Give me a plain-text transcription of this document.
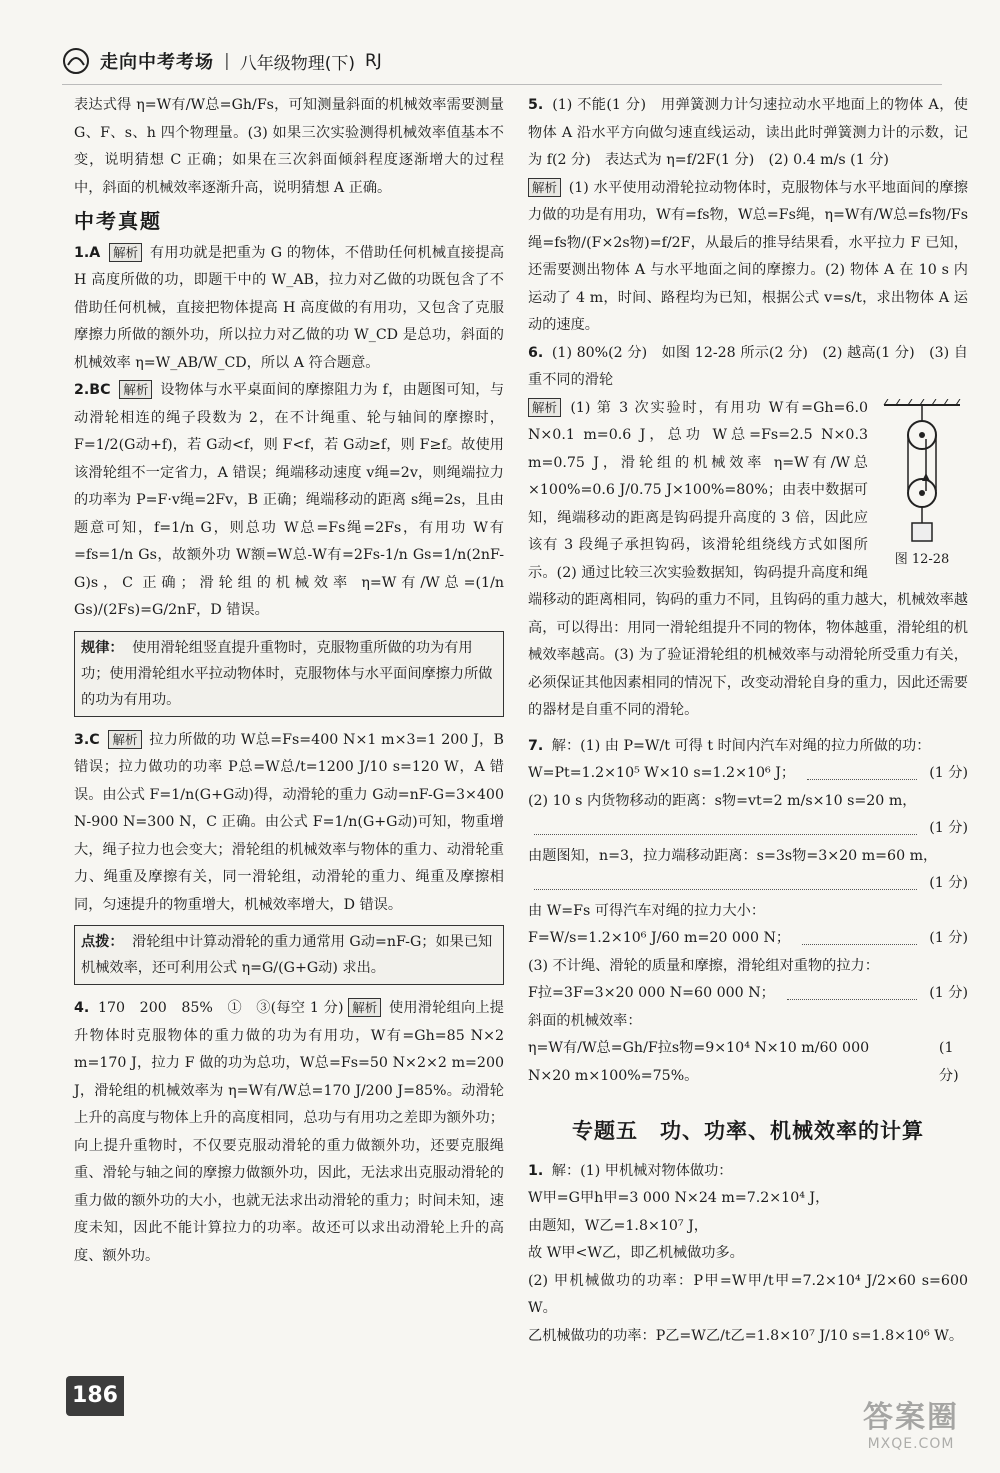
走向中考考场 | 八年级物理(下) RJ

表达式得 η=W有/W总=Gh/Fs，可知测量斜面的机械效率需要测量 G、F、s、h 四个物理量。(3) 如果三次实验测得机械效率值基本不变，说明猜想 C 正确；如果在三次斜面倾斜程度逐渐增大的过程中，斜面的机械效率逐渐升高，说明猜想 A 正确。

中考真题

1.A 解析 有用功就是把重为 G 的物体，不借助任何机械直接提高 H 高度所做的功，即题干中的 W_AB，拉力对乙做的功既包含了不借助任何机械，直接把物体提高 H 高度做的有用功，又包含了克服摩擦力所做的额外功，所以拉力对乙做的功 W_CD 是总功，斜面的机械效率 η=W_AB/W_CD，所以 A 符合题意。

2.BC 解析 设物体与水平桌面间的摩擦阻力为 f，由题图可知，与动滑轮相连的绳子段数为 2，在不计绳重、轮与轴间的摩擦时，F=1/2(G动+f)，若 G动<f，则 F<f，若 G动≥f，则 F≥f。故使用该滑轮组不一定省力，A 错误；绳端移动速度 v绳=2v，则绳端拉力的功率为 P=F·v绳=2Fv，B 正确；绳端移动的距离 s绳=2s，且由题意可知，f=1/n G，则总功 W总=Fs绳=2Fs，有用功 W有=fs=1/n Gs，故额外功 W额=W总-W有=2Fs-1/n Gs=1/n(2nF-G)s，C 正确；滑轮组的机械效率 η=W有/W总=(1/n Gs)/(2Fs)=G/2nF，D 错误。

规律： 使用滑轮组竖直提升重物时，克服物重所做的功为有用功；使用滑轮组水平拉动物体时，克服物体与水平面间摩擦力所做的功为有用功。

3.C 解析 拉力所做的功 W总=Fs=400 N×1 m×3=1 200 J，B 错误；拉力做功的功率 P总=W总/t=1200 J/10 s=120 W，A 错误。由公式 F=1/n(G+G动)得，动滑轮的重力 G动=nF-G=3×400 N-900 N=300 N，C 正确。由公式 F=1/n(G+G动)可知，物重增大，绳子拉力也会变大；滑轮组的机械效率与物体的重力、动滑轮重力、绳重及摩擦有关，同一滑轮组，动滑轮的重力、绳重及摩擦相同，匀速提升的物重增大，机械效率增大，D 错误。

点拨： 滑轮组中计算动滑轮的重力通常用 G动=nF-G；如果已知机械效率，还可利用公式 η=G/(G+G动) 求出。

4. 170　200　85%　①　③(每空 1 分) 解析 使用滑轮组向上提升物体时克服物体的重力做的功为有用功，W有=Gh=85 N×2 m=170 J，拉力 F 做的功为总功，W总=Fs=50 N×2×2 m=200 J，滑轮组的机械效率为 η=W有/W总=170 J/200 J=85%。动滑轮上升的高度与物体上升的高度相同，总功与有用功之差即为额外功；向上提升重物时，不仅要克服动滑轮的重力做额外功，还要克服绳重、滑轮与轴之间的摩擦力做额外功，因此，无法求出克服动滑轮的重力做的额外功的大小，也就无法求出动滑轮的重力；时间未知，速度未知，因此不能计算拉力的功率。故还可以求出动滑轮上升的高度、额外功。

5. (1) 不能(1 分)　用弹簧测力计匀速拉动水平地面上的物体 A，使物体 A 沿水平方向做匀速直线运动，读出此时弹簧测力计的示数，记为 f(2 分)　表达式为 η=f/2F(1 分)　(2) 0.4 m/s (1 分)

解析 (1) 水平使用动滑轮拉动物体时，克服物体与水平地面间的摩擦力做的功是有用功，W有=fs物，W总=Fs绳，η=W有/W总=fs物/Fs绳=fs物/(F×2s物)=f/2F，从最后的推导结果看，水平拉力 F 已知，还需要测出物体 A 与水平地面之间的摩擦力。(2) 物体 A 在 10 s 内运动了 4 m，时间、路程均为已知，根据公式 v=s/t，求出物体 A 运动的速度。

6. (1) 80%(2 分)　如图 12-28 所示(2 分)　(2) 越高(1 分)　(3) 自重不同的滑轮

图 12-28

解析 (1) 第 3 次实验时，有用功 W有=Gh=6.0 N×0.1 m=0.6 J，总功 W总=Fs=2.5 N×0.3 m=0.75 J，滑轮组的机械效率 η=W有/W总×100%=0.6 J/0.75 J×100%=80%；由表中数据可知，绳端移动的距离是钩码提升高度的 3 倍，因此应该有 3 段绳子承担钩码，该滑轮组绕线方式如图所示。(2) 通过比较三次实验数据知，钩码提升高度和绳端移动的距离相同，钩码的重力不同，且钩码的重力越大，机械效率越高，可以得出：用同一滑轮组提升不同的物体，物体越重，滑轮组的机械效率越高。(3) 为了验证滑轮组的机械效率与动滑轮所受重力有关，必须保证其他因素相同的情况下，改变动滑轮自身的重力，因此还需要的器材是自重不同的滑轮。

7. 解：(1) 由 P=W/t 可得 t 时间内汽车对绳的拉力所做的功：

W=Pt=1.2×10⁵ W×10 s=1.2×10⁶ J；	(1 分)
(2) 10 s 内货物移动的距离：s物=vt=2 m/s×10 s=20 m，
(1 分)
由题图知，n=3，拉力端移动距离：s=3s物=3×20 m=60 m，
(1 分)
由 W=Fs 可得汽车对绳的拉力大小：
F=W/s=1.2×10⁶ J/60 m=20 000 N；	(1 分)
(3) 不计绳、滑轮的质量和摩擦，滑轮组对重物的拉力：
F拉=3F=3×20 000 N=60 000 N；	(1 分)
斜面的机械效率：
η=W有/W总=Gh/F拉s物=9×10⁴ N×10 m/60 000 N×20 m×100%=75%。
(1 分)
专题五　功、功率、机械效率的计算

1. 解：(1) 甲机械对物体做功：

W甲=G甲h甲=3 000 N×24 m=7.2×10⁴ J，

由题知，W乙=1.8×10⁷ J，

故 W甲<W乙，即乙机械做功多。

(2) 甲机械做功的功率：P甲=W甲/t甲=7.2×10⁴ J/2×60 s=600 W。

乙机械做功的功率：P乙=W乙/t乙=1.8×10⁷ J/10 s=1.8×10⁶ W。

186
答案圈
MXQE.COM
